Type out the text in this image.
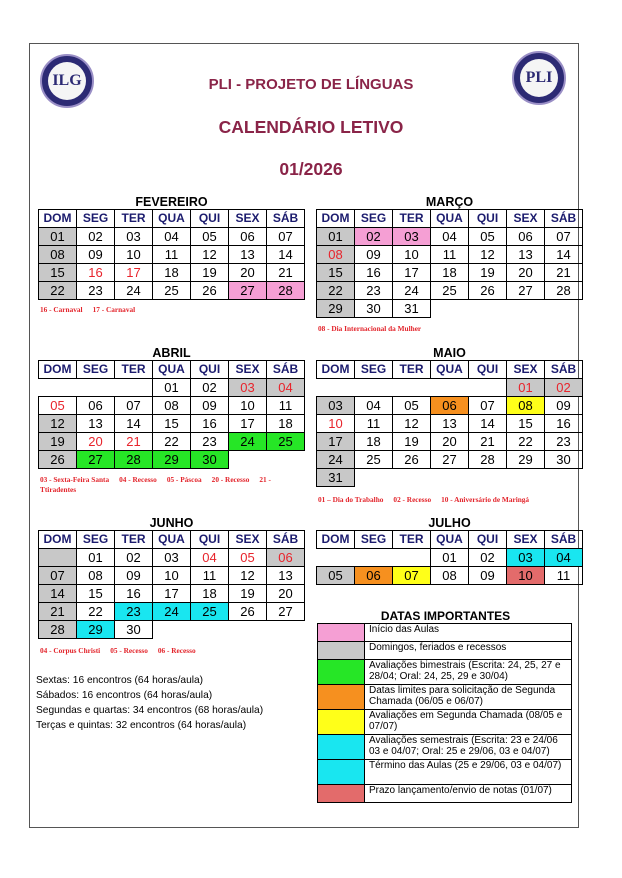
ILG	PLI
PLI - PROJETO DE LÍNGUAS
CALENDÁRIO LETIVO
01/2026
FEVEREIRO
DOM	SEG	TER	QUA	QUI	SEX	SÁB
01	02	03	04	05	06	07
08	09	10	11	12	13	14
15	16	17	18	19	20	21
22	23	24	25	26	27	28
MARÇO
DOM	SEG	TER	QUA	QUI	SEX	SÁB
01	02	03	04	05	06	07
08	09	10	11	12	13	14
15	16	17	18	19	20	21
22	23	24	25	26	27	28
29	30	31				
ABRIL
DOM	SEG	TER	QUA	QUI	SEX	SÁB
			01	02	03	04
05	06	07	08	09	10	11
12	13	14	15	16	17	18
19	20	21	22	23	24	25
26	27	28	29	30		
MAIO
DOM	SEG	TER	QUA	QUI	SEX	SÁB
					01	02
03	04	05	06	07	08	09
10	11	12	13	14	15	16
17	18	19	20	21	22	23
24	25	26	27	28	29	30
31						
JUNHO
DOM	SEG	TER	QUA	QUI	SEX	SÁB
	01	02	03	04	05	06
07	08	09	10	11	12	13
14	15	16	17	18	19	20
21	22	23	24	25	26	27
28	29	30				
JULHO
DOM	SEG	TER	QUA	QUI	SEX	SÁB
			01	02	03	04
05	06	07	08	09	10	11
16 - Carnaval 17 - Carnaval
08 - Dia Internacional da Mulher
03 - Sexta-Feira Santa 04 - Recesso 05 - Páscoa 20 - Recesso 21 - Ttiradentes
01 – Dia do Trabalho 02 - Recesso 10 - Aniversário de Maringá
04 - Corpus Christi 05 - Recesso 06 - Recesso
Sextas: 16 encontros (64 horas/aula)
Sábados: 16 encontros (64 horas/aula)
Segundas e quartas: 34 encontros (68 horas/aula)
Terças e quintas: 32 encontros (64 horas/aula)
DATAS IMPORTANTES
	Início das Aulas
	Domingos, feriados e recessos
	Avaliações bimestrais (Escrita: 24, 25, 27 e 28/04; Oral: 24, 25, 29 e 30/04)
	Datas limites para solicitação de Segunda Chamada (06/05 e 06/07)
	Avaliações em Segunda Chamada (08/05 e 07/07)
	Avaliações semestrais (Escrita: 23 e 24/06 03 e 04/07; Oral: 25 e 29/06, 03 e 04/07)
	Término das Aulas (25 e 29/06, 03 e 04/07)
	Prazo lançamento/envio de notas (01/07)
